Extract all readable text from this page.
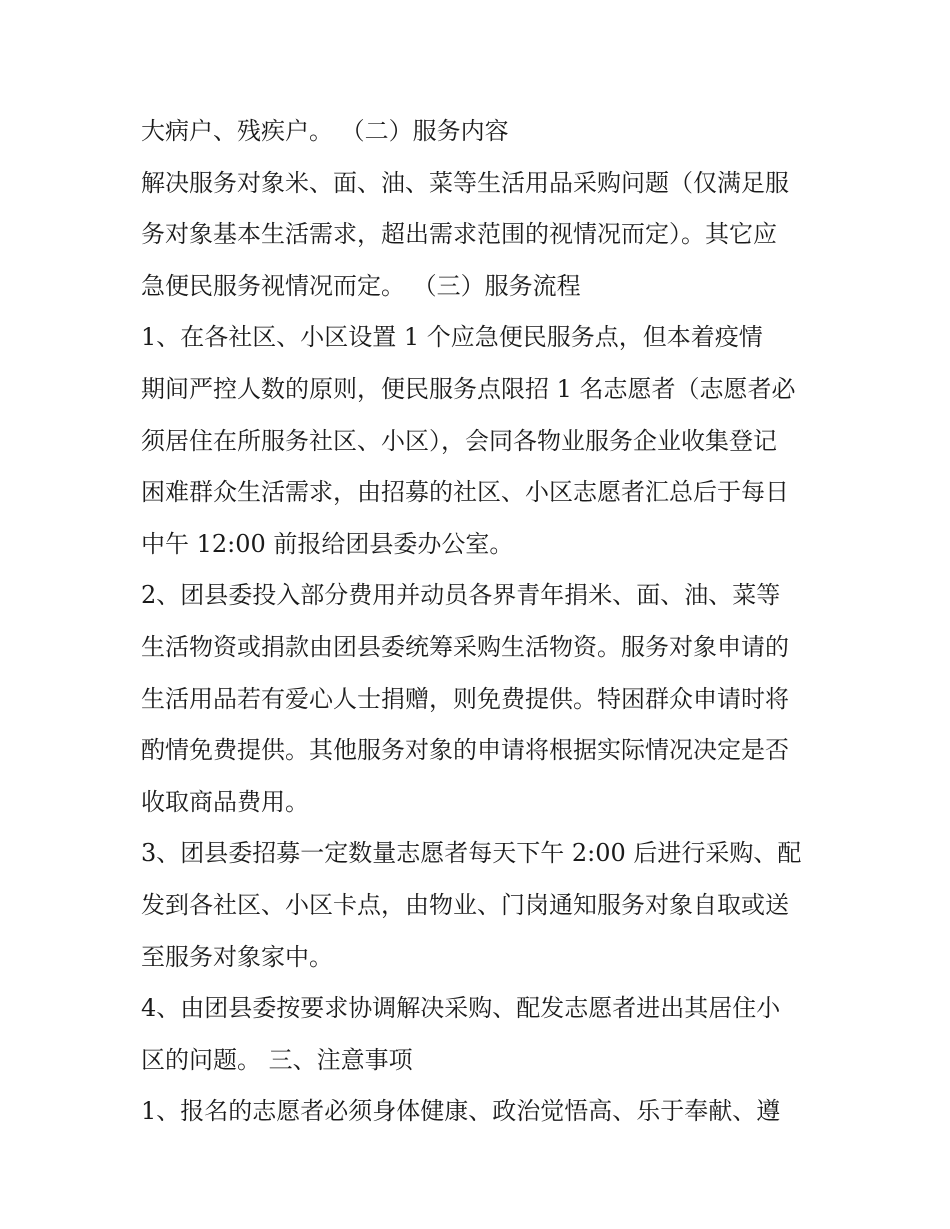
大病户、残疾户。 （二）服务内容
解决服务对象米、面、油、菜等生活用品采购问题（仅满足服
务对象基本生活需求，超出需求范围的视情况而定）。其它应
急便民服务视情况而定。 （三）服务流程
1、在各社区、小区设置 1 个应急便民服务点，但本着疫情
期间严控人数的原则，便民服务点限招 1 名志愿者（志愿者必
须居住在所服务社区、小区），会同各物业服务企业收集登记
困难群众生活需求，由招募的社区、小区志愿者汇总后于每日
中午 12:00 前报给团县委办公室。
2、团县委投入部分费用并动员各界青年捐米、面、油、菜等
生活物资或捐款由团县委统筹采购生活物资。服务对象申请的
生活用品若有爱心人士捐赠，则免费提供。特困群众申请时将
酌情免费提供。其他服务对象的申请将根据实际情况决定是否
收取商品费用。
3、团县委招募一定数量志愿者每天下午 2:00 后进行采购、配
发到各社区、小区卡点，由物业、门岗通知服务对象自取或送
至服务对象家中。
4、由团县委按要求协调解决采购、配发志愿者进出其居住小
区的问题。 三、注意事项
1、报名的志愿者必须身体健康、政治觉悟高、乐于奉献、遵
